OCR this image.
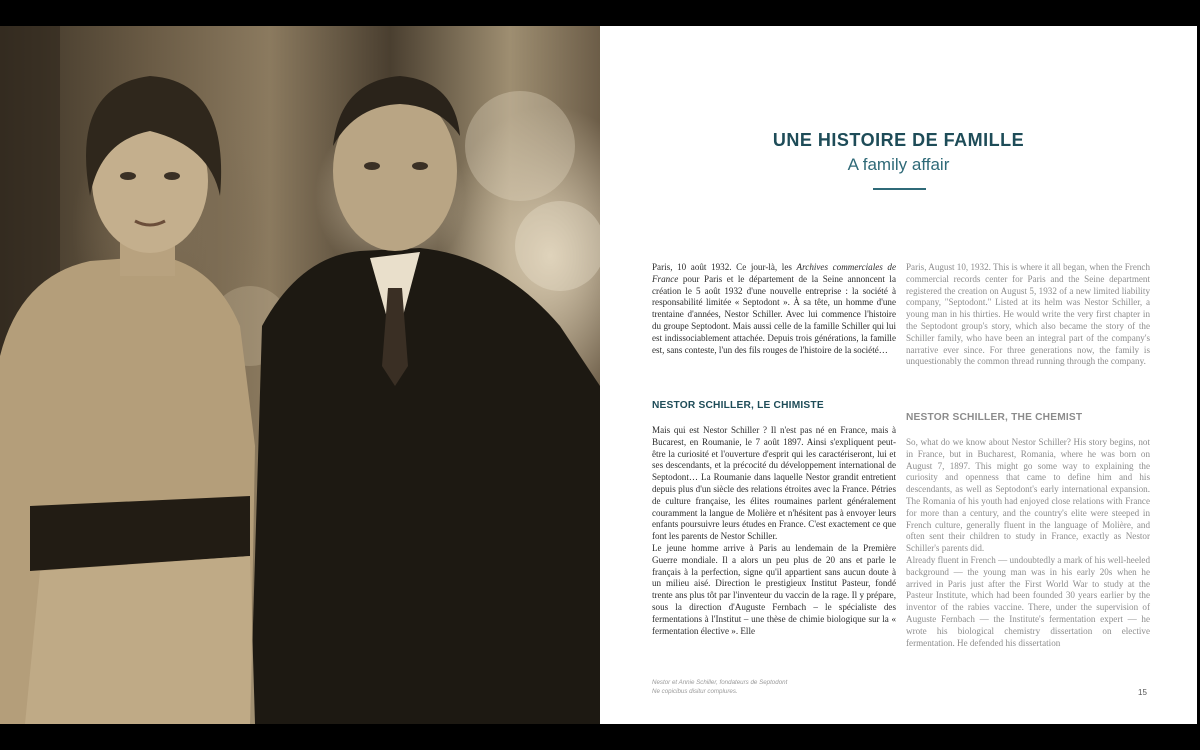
UNE HISTOIRE DE FAMILLE
A family affair

Paris, 10 août 1932. Ce jour-là, les Archives commerciales de France pour Paris et le département de la Seine annoncent la création le 5 août 1932 d'une nouvelle entreprise : la société à responsabilité limitée « Septodont ». À sa tête, un homme d'une trentaine d'années, Nestor Schiller. Avec lui commence l'histoire du groupe Septodont. Mais aussi celle de la famille Schiller qui lui est indissociablement attachée. Depuis trois générations, la famille est, sans conteste, l'un des fils rouges de l'histoire de la société…

Paris, August 10, 1932. This is where it all began, when the French commercial records center for Paris and the Seine department registered the creation on August 5, 1932 of a new limited liability company, "Septodont." Listed at its helm was Nestor Schiller, a young man in his thirties. He would write the very first chapter in the Septodont group's story, which also became the story of the Schiller family, who have been an integral part of the company's narrative ever since. For three generations now, the family is unquestionably the common thread running through the company.

NESTOR SCHILLER, LE CHIMISTE
NESTOR SCHILLER, THE CHEMIST

Mais qui est Nestor Schiller ? Il n'est pas né en France, mais à Bucarest, en Roumanie, le 7 août 1897. Ainsi s'expliquent peut-être la curiosité et l'ouverture d'esprit qui les caractériseront, lui et ses descendants, et la précocité du développement international de Septodont… La Roumanie dans laquelle Nestor grandit entretient depuis plus d'un siècle des relations étroites avec la France. Pétries de culture française, les élites roumaines parlent généralement couramment la langue de Molière et n'hésitent pas à envoyer leurs enfants poursuivre leurs études en France. C'est exactement ce que font les parents de Nestor Schiller.

Le jeune homme arrive à Paris au lendemain de la Première Guerre mondiale. Il a alors un peu plus de 20 ans et parle le français à la perfection, signe qu'il appartient sans aucun doute à un milieu aisé. Direction le prestigieux Institut Pasteur, fondé trente ans plus tôt par l'inventeur du vaccin de la rage. Il y prépare, sous la direction d'Auguste Fernbach – le spécialiste des fermentations à l'Institut – une thèse de chimie biologique sur la « fermentation élective ». Elle

So, what do we know about Nestor Schiller? His story begins, not in France, but in Bucharest, Romania, where he was born on August 7, 1897. This might go some way to explaining the curiosity and openness that came to define him and his descendants, as well as Septodont's early international expansion. The Romania of his youth had enjoyed close relations with France for more than a century, and the country's elite were steeped in French culture, generally fluent in the language of Molière, and often sent their children to study in France, exactly as Nestor Schiller's parents did.

Already fluent in French — undoubtedly a mark of his well-heeled background — the young man was in his early 20s when he arrived in Paris just after the First World War to study at the Pasteur Institute, which had been founded 30 years earlier by the inventor of the rabies vaccine. There, under the supervision of Auguste Fernbach — the Institute's fermentation expert — he wrote his biological chemistry dissertation on elective fermentation. He defended his dissertation

Nestor et Annie Schiller, fondateurs de Septodont
Ne copicibus disitur complures.	15
